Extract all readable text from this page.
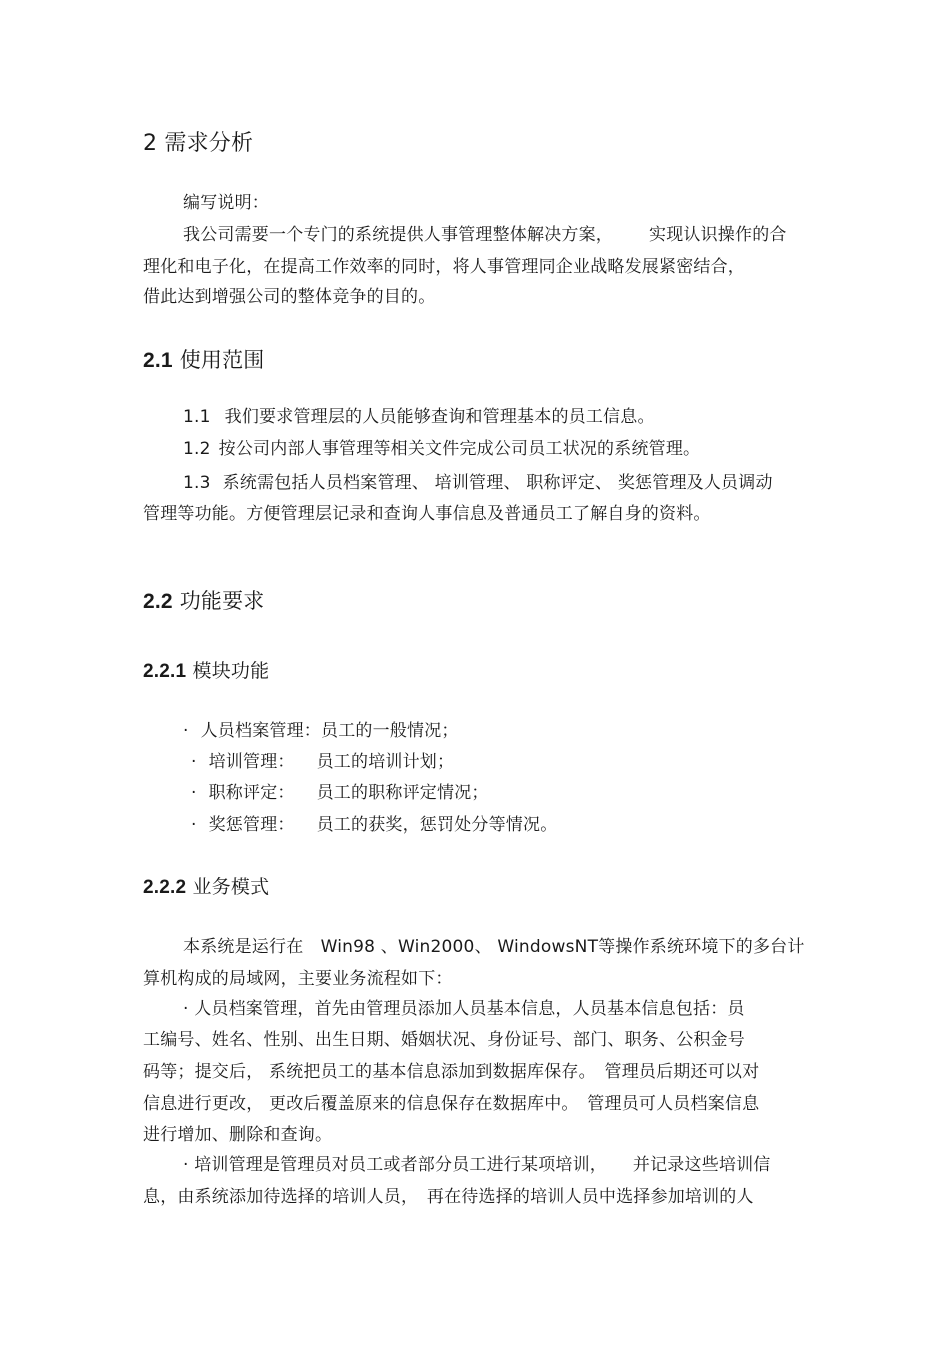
2 需求分析
编写说明：
我公司需要一个专门的系统提供人事管理整体解决方案， 实现认识操作的合
理化和电子化，在提高工作效率的同时，将人事管理同企业战略发展紧密结合，
借此达到增强公司的整体竞争的目的。
2.1 使用范围
1.1 我们要求管理层的人员能够查询和管理基本的员工信息。
1.2 按公司内部人事管理等相关文件完成公司员工状况的系统管理。
1.3 系统需包括人员档案管理、 培训管理、 职称评定、 奖惩管理及人员调动
管理等功能。方便管理层记录和查询人事信息及普通员工了解自身的资料。
2.2 功能要求
2.2.1 模块功能
· 人员档案管理：员工的一般情况；
· 培训管理： 员工的培训计划；
· 职称评定： 员工的职称评定情况；
· 奖惩管理： 员工的获奖，惩罚处分等情况。
2.2.2 业务模式
本系统是运行在　Win98 、Win2000、 WindowsNT等操作系统环境下的多台计
算机构成的局域网，主要业务流程如下：
· 人员档案管理，首先由管理员添加人员基本信息，人员基本信息包括：员
工编号、姓名、性别、出生日期、婚姻状况、身份证号、部门、职务、公积金号
码等；提交后， 系统把员工的基本信息添加到数据库保存。　管理员后期还可以对
信息进行更改， 更改后覆盖原来的信息保存在数据库中。　管理员可人员档案信息
进行增加、删除和查询。
· 培训管理是管理员对员工或者部分员工进行某项培训，　　并记录这些培训信
息，由系统添加待选择的培训人员，　再在待选择的培训人员中选择参加培训的人
